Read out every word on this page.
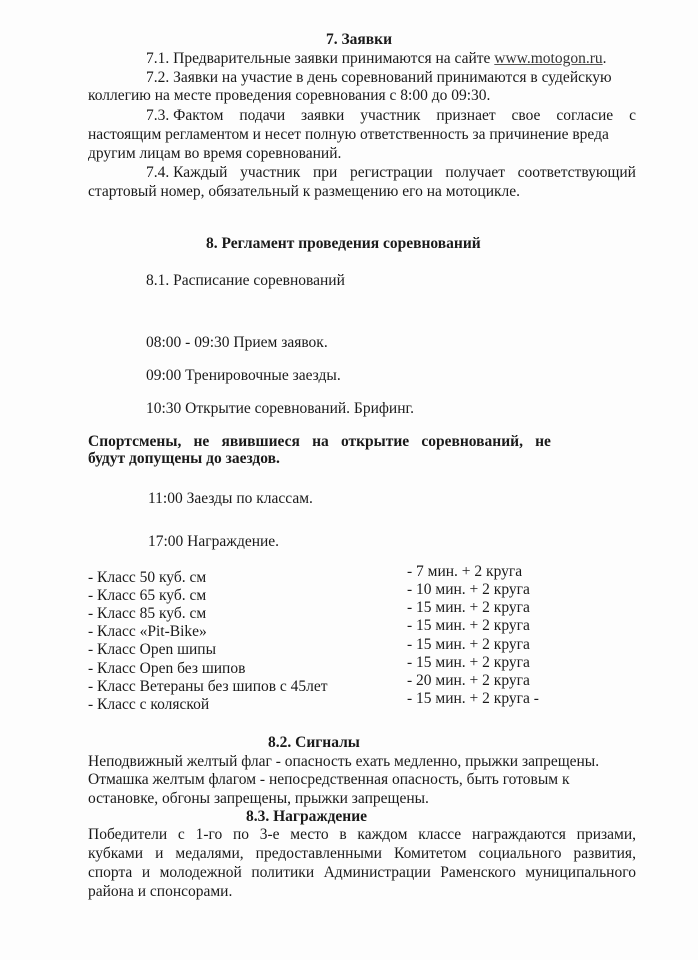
7. Заявки
7.1. Предварительные заявки принимаются на сайте www.motogon.ru.
7.2. Заявки на участие в день соревнований принимаются в судейскую
коллегию на месте проведения соревнования с 8:00 до 09:30.
7.3. Фактом подачи заявки участник признает свое согласие с
настоящим регламентом и несет полную ответственность за причинение вреда
другим лицам во время соревнований.
7.4. Каждый участник при регистрации получает соответствующий
стартовый номер, обязательный к размещению его на мотоцикле.
8. Регламент проведения соревнований
8.1. Расписание соревнований
08:00 - 09:30 Прием заявок.
09:00 Тренировочные заезды.
10:30 Открытие соревнований. Брифинг.
Спортсмены, не явившиеся на открытие соревнований, не
будут допущены до заездов.
11:00 Заезды по классам.
17:00 Награждение.
- Класс 50 куб. см
- Класс 65 куб. см
- Класс 85 куб. см
- Класс «Pit-Bike»
- Класс Open шипы
- Класс Open без шипов
- Класс Ветераны без шипов с 45лет
- Класс с коляской
- 7 мин. + 2 круга
- 10 мин. + 2 круга
- 15 мин. + 2 круга
- 15 мин. + 2 круга
- 15 мин. + 2 круга
- 15 мин. + 2 круга
- 20 мин. + 2 круга
- 15 мин. + 2 круга -
8.2. Сигналы
Неподвижный желтый флаг - опасность ехать медленно, прыжки запрещены.
Отмашка желтым флагом - непосредственная опасность, быть готовым к
остановке, обгоны запрещены, прыжки запрещены.
8.3. Награждение
Победители с 1-го по 3-е место в каждом классе награждаются призами,
кубками и медалями, предоставленными Комитетом социального развития,
спорта и молодежной политики Администрации Раменского муниципального
района и спонсорами.
